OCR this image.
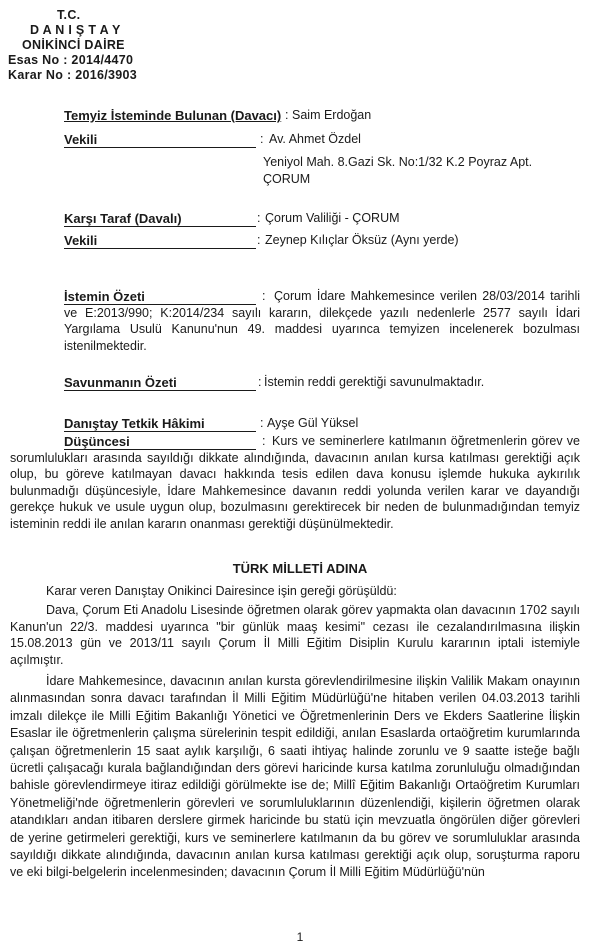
T.C.
D A N I Ş T A Y
ONİKİNCİ DAİRE
Esas No : 2014/4470
Karar No : 2016/3903
Temyiz İsteminde Bulunan (Davacı) : Saim Erdoğan
Vekili	: Av. Ahmet Özdel
Yeniyol Mah. 8.Gazi Sk. No:1/32 K.2 Poyraz Apt.
ÇORUM
Karşı Taraf (Davalı)	: Çorum Valiliği - ÇORUM
Vekili	: Zeynep Kılıçlar Öksüz (Aynı yerde)
İstemin Özeti	: Çorum İdare Mahkemesince verilen 28/03/2014 tarihli ve E:2013/990; K:2014/234 sayılı kararın, dilekçede yazılı nedenlerle 2577 sayılı İdari Yargılama Usulü Kanunu'nun 49. maddesi uyarınca temyizen incelenerek bozulması istenilmektedir.
Savunmanın Özeti	: İstemin reddi gerektiği savunulmaktadır.
Danıştay Tetkik Hâkimi	: Ayşe Gül Yüksel
Düşüncesi	: Kurs ve seminerlere katılmanın öğretmenlerin görev ve sorumlulukları arasında sayıldığı dikkate alındığında, davacının anılan kursa katılması gerektiği açık olup, bu göreve katılmayan davacı hakkında tesis edilen dava konusu işlemde hukuka aykırılık bulunmadığı düşüncesiyle, İdare Mahkemesince davanın reddi yolunda verilen karar ve dayandığı gerekçe hukuk ve usule uygun olup, bozulmasını gerektirecek bir neden de bulunmadığından temyiz isteminin reddi ile anılan kararın onanması gerektiği düşünülmektedir.
TÜRK MİLLETİ ADINA
Karar veren Danıştay Onikinci Dairesince işin gereği görüşüldü:
Dava, Çorum Eti Anadolu Lisesinde öğretmen olarak görev yapmakta olan davacının 1702 sayılı Kanun'un 22/3. maddesi uyarınca "bir günlük maaş kesimi" cezası ile cezalandırılmasına ilişkin 15.08.2013 gün ve 2013/11 sayılı Çorum İl Milli Eğitim Disiplin Kurulu kararının iptali istemiyle açılmıştır.
İdare Mahkemesince, davacının anılan kursta görevlendirilmesine ilişkin Valilik Makam onayının alınmasından sonra davacı tarafından İl Milli Eğitim Müdürlüğü'ne hitaben verilen 04.03.2013 tarihli imzalı dilekçe ile Milli Eğitim Bakanlığı Yönetici ve Öğretmenlerinin Ders ve Ekders Saatlerine İlişkin Esaslar ile öğretmenlerin çalışma sürelerinin tespit edildiği, anılan Esaslarda ortaöğretim kurumlarında çalışan öğretmenlerin 15 saat aylık karşılığı, 6 saati ihtiyaç halinde zorunlu ve 9 saatte isteğe bağlı ücretli çalışacağı kurala bağlandığından ders görevi haricinde kursa katılma zorunluluğu olmadığından bahisle görevlendirmeye itiraz edildiği görülmekte ise de; Millî Eğitim Bakanlığı Ortaöğretim Kurumları Yönetmeliği'nde öğretmenlerin görevleri ve sorumluluklarının düzenlendiği, kişilerin öğretmen olarak atandıkları andan itibaren derslere girmek haricinde bu statü için mevzuatla öngörülen diğer görevleri de yerine getirmeleri gerektiği, kurs ve seminerlere katılmanın da bu görev ve sorumluluklar arasında sayıldığı dikkate alındığında, davacının anılan kursa katılması gerektiği açık olup, soruşturma raporu ve eki bilgi-belgelerin incelenmesinden; davacının Çorum İl Milli Eğitim Müdürlüğü'nün
1
